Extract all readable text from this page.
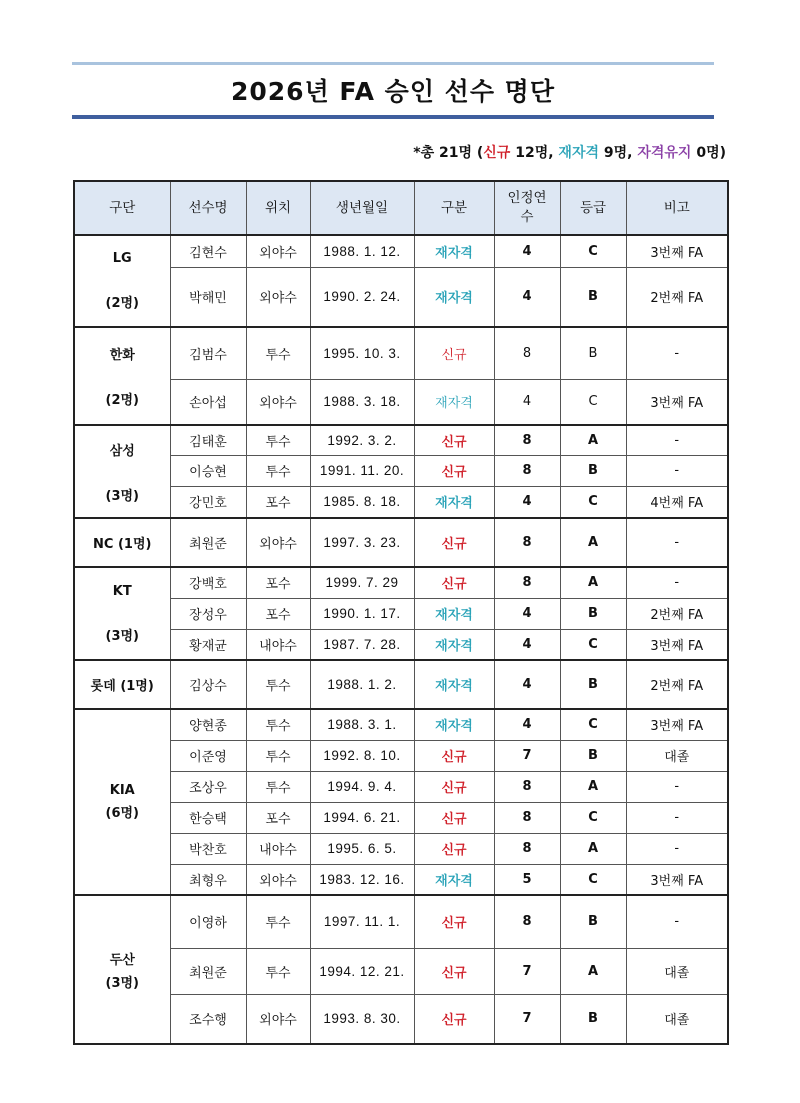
2026년 FA 승인 선수 명단
*총 21명 (신규 12명, 재자격 9명, 자격유지 0명)
구단	선수명	위치	생년월일	구분	인정연수	등급	비고

LG
(2명)	김현수	외야수	1988. 1. 12.	재자격	4	C	3번째 FA
	박해민	외야수	1990. 2. 24.	재자격	4	B	2번째 FA

한화
(2명)	김범수	투수	1995. 10. 3.	신규	8	B	-
	손아섭	외야수	1988. 3. 18.	재자격	4	C	3번째 FA

삼성
(3명)	김태훈	투수	1992. 3. 2.	신규	8	A	-
	이승현	투수	1991. 11. 20.	신규	8	B	-
	강민호	포수	1985. 8. 18.	재자격	4	C	4번째 FA

NC (1명)	최원준	외야수	1997. 3. 23.	신규	8	A	-

KT
(3명)	강백호	포수	1999. 7. 29	신규	8	A	-
	장성우	포수	1990. 1. 17.	재자격	4	B	2번째 FA
	황재균	내야수	1987. 7. 28.	재자격	4	C	3번째 FA

롯데 (1명)	김상수	투수	1988. 1. 2.	재자격	4	B	2번째 FA

KIA
(6명)	양현종	투수	1988. 3. 1.	재자격	4	C	3번째 FA
	이준영	투수	1992. 8. 10.	신규	7	B	대졸
	조상우	투수	1994. 9. 4.	신규	8	A	-
	한승택	포수	1994. 6. 21.	신규	8	C	-
	박찬호	내야수	1995. 6. 5.	신규	8	A	-
	최형우	외야수	1983. 12. 16.	재자격	5	C	3번째 FA

두산
(3명)	이영하	투수	1997. 11. 1.	신규	8	B	-
	최원준	투수	1994. 12. 21.	신규	7	A	대졸
	조수행	외야수	1993. 8. 30.	신규	7	B	대졸
